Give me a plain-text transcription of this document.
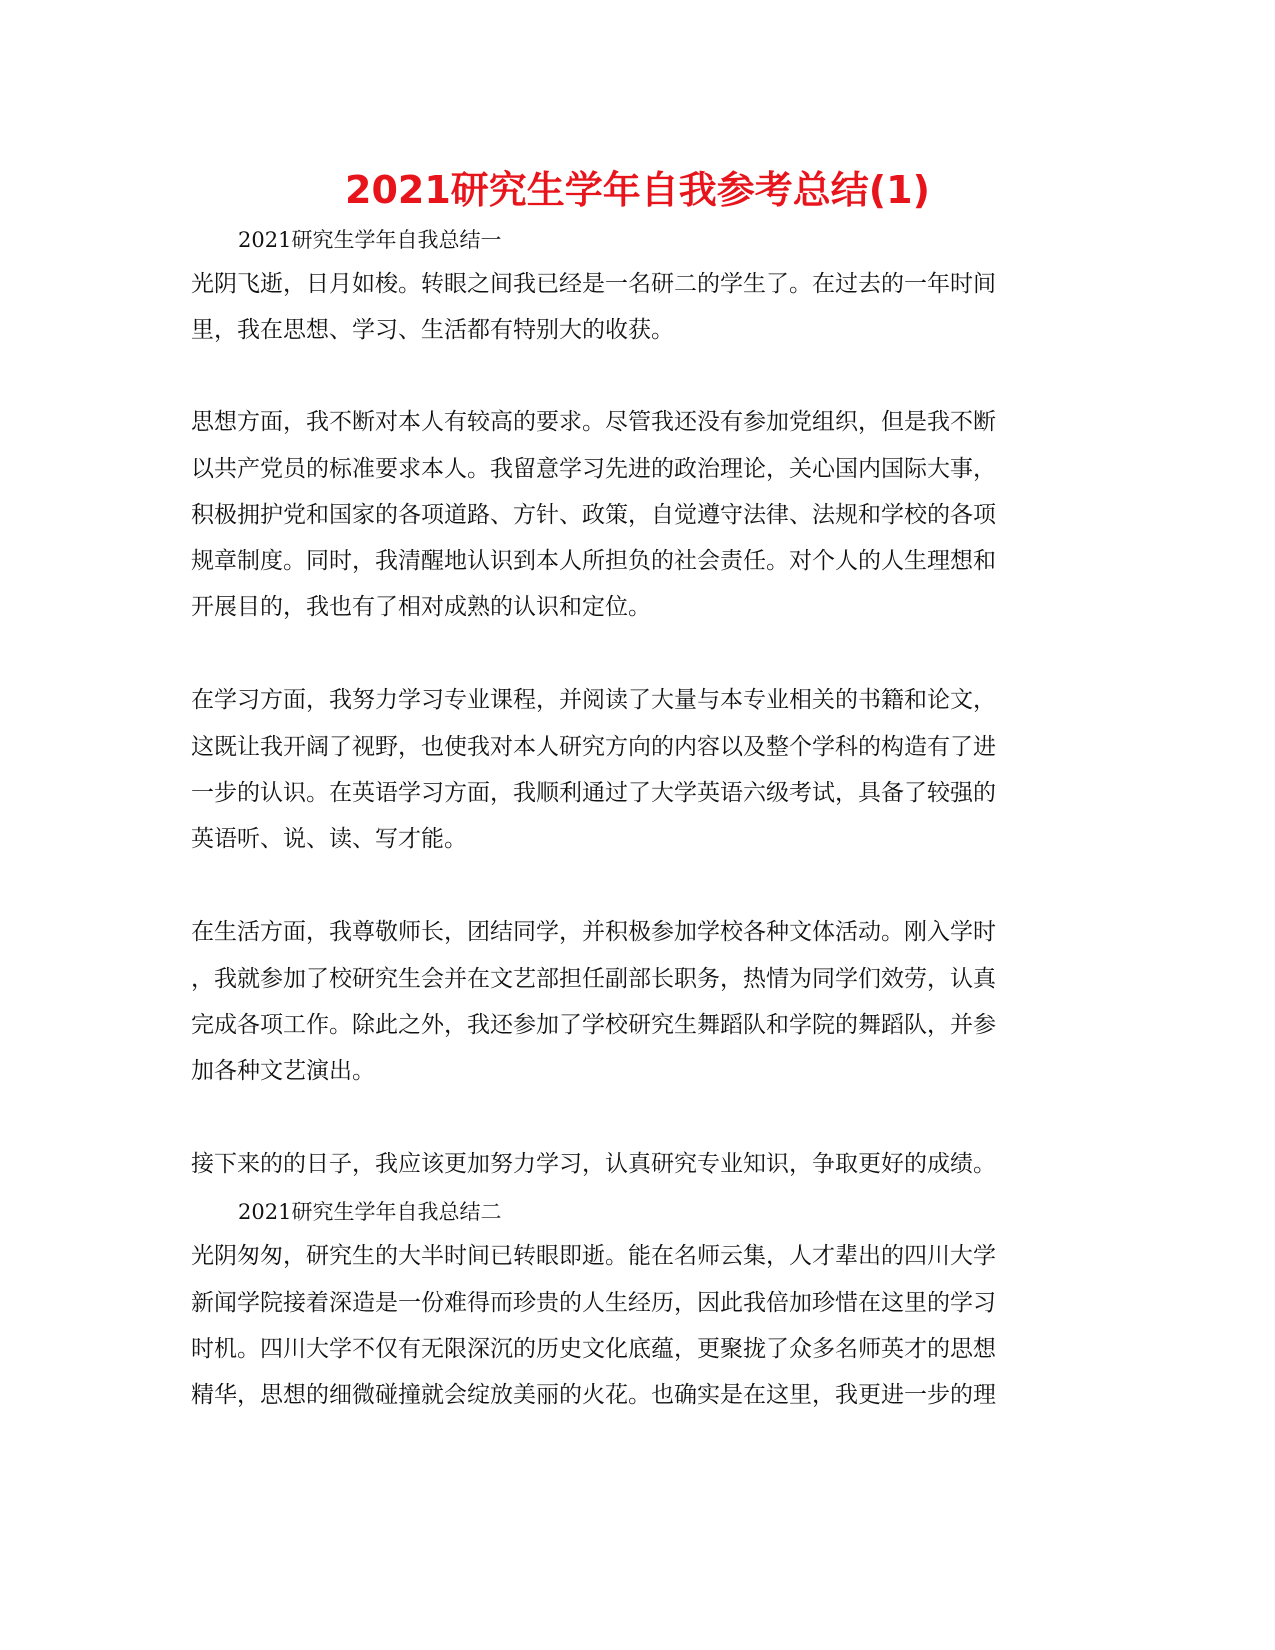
2021研究生学年自我参考总结(1)
2021研究生学年自我总结一
光阴飞逝，日月如梭。转眼之间我已经是一名研二的学生了。在过去的一年时间
里，我在思想、学习、生活都有特别大的收获。
思想方面，我不断对本人有较高的要求。尽管我还没有参加党组织，但是我不断
以共产党员的标准要求本人。我留意学习先进的政治理论，关心国内国际大事，
积极拥护党和国家的各项道路、方针、政策，自觉遵守法律、法规和学校的各项
规章制度。同时，我清醒地认识到本人所担负的社会责任。对个人的人生理想和
开展目的，我也有了相对成熟的认识和定位。
在学习方面，我努力学习专业课程，并阅读了大量与本专业相关的书籍和论文，
这既让我开阔了视野，也使我对本人研究方向的内容以及整个学科的构造有了进
一步的认识。在英语学习方面，我顺利通过了大学英语六级考试，具备了较强的
英语听、说、读、写才能。
在生活方面，我尊敬师长，团结同学，并积极参加学校各种文体活动。刚入学时
，我就参加了校研究生会并在文艺部担任副部长职务，热情为同学们效劳，认真
完成各项工作。除此之外，我还参加了学校研究生舞蹈队和学院的舞蹈队，并参
加各种文艺演出。
接下来的的日子，我应该更加努力学习，认真研究专业知识，争取更好的成绩。
2021研究生学年自我总结二
光阴匆匆，研究生的大半时间已转眼即逝。能在名师云集，人才辈出的四川大学
新闻学院接着深造是一份难得而珍贵的人生经历，因此我倍加珍惜在这里的学习
时机。四川大学不仅有无限深沉的历史文化底蕴，更聚拢了众多名师英才的思想
精华，思想的细微碰撞就会绽放美丽的火花。也确实是在这里，我更进一步的理
